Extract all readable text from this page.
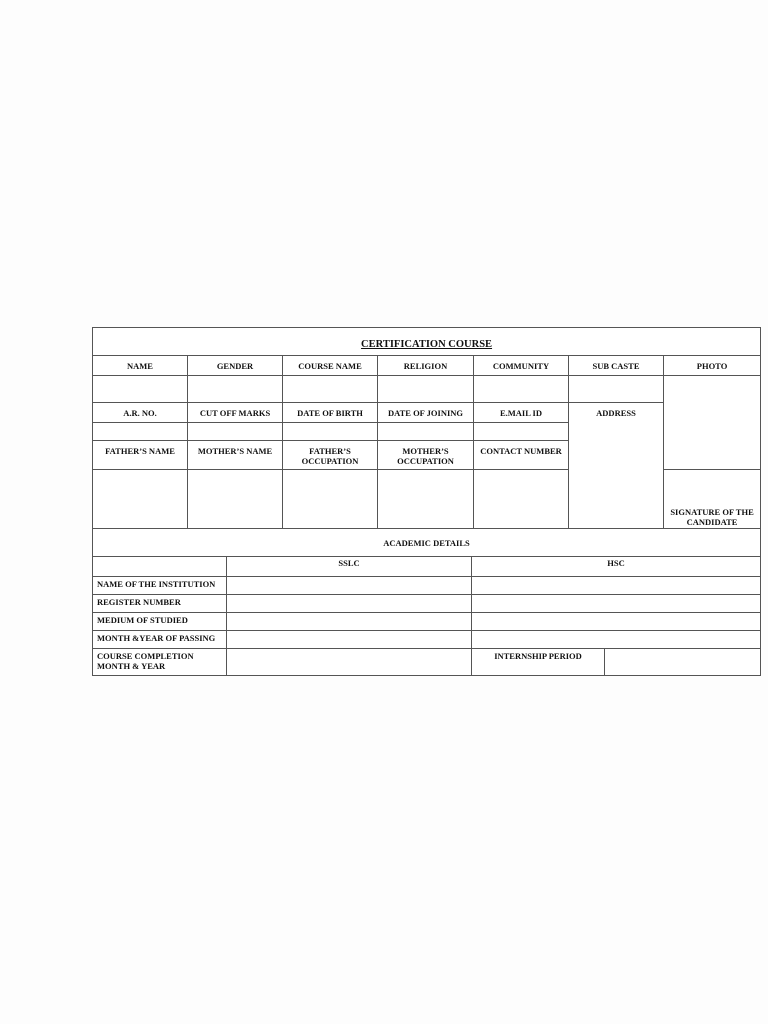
CERTIFICATION COURSE						
NAME	GENDER	COURSE NAME	RELIGION	COMMUNITY	SUB CASTE	PHOTO

A.R. NO.	CUT OFF MARKS	DATE OF BIRTH	DATE OF JOINING	E.MAIL ID	ADDRESS	

FATHER’S NAME	MOTHER’S NAME	FATHER’S OCCUPATION	MOTHER’S OCCUPATION	CONTACT NUMBER		
						SIGNATURE OF THE CANDIDATE

ACADEMIC DETAILS			
	SSLC	HSC	
NAME OF THE INSTITUTION			
REGISTER NUMBER			
MEDIUM OF STUDIED			
MONTH &YEAR OF PASSING			
COURSE COMPLETION MONTH & YEAR		INTERNSHIP PERIOD	
